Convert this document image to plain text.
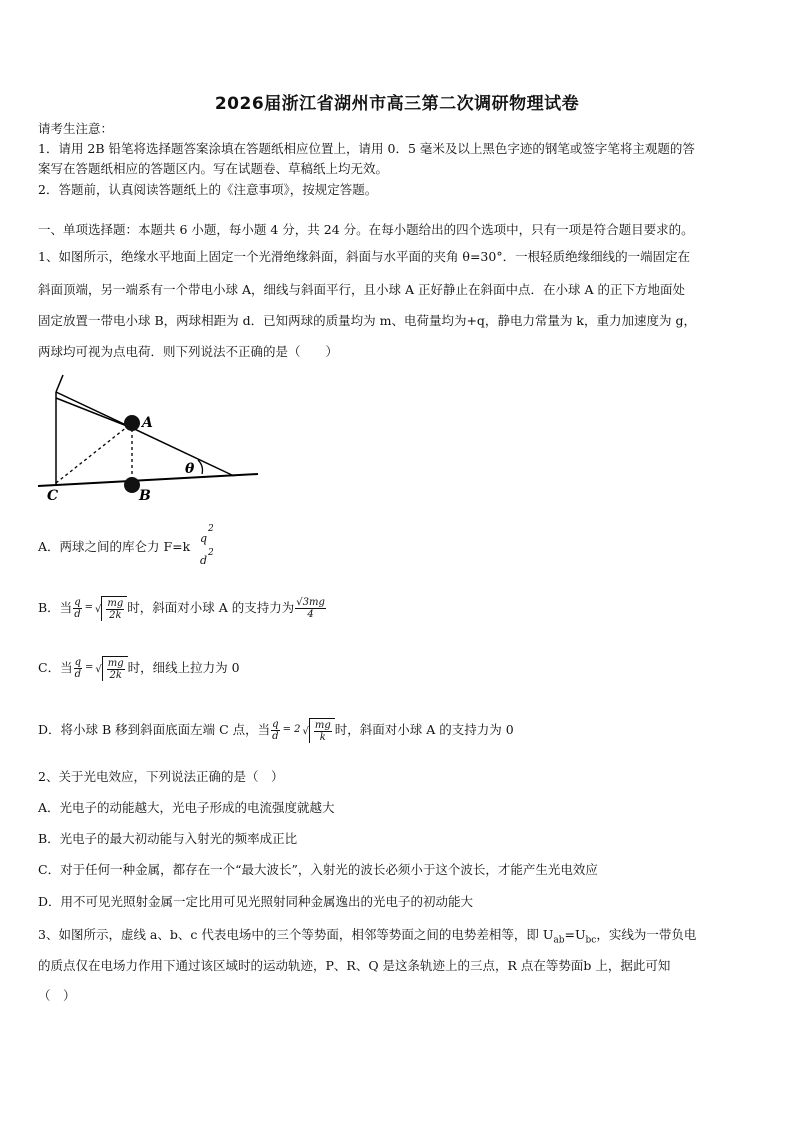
2026届浙江省湖州市高三第二次调研物理试卷
请考生注意：
1．请用 2B 铅笔将选择题答案涂填在答题纸相应位置上，请用 0．5 毫米及以上黑色字迹的钢笔或签字笔将主观题的答
案写在答题纸相应的答题区内。写在试题卷、草稿纸上均无效。
2．答题前，认真阅读答题纸上的《注意事项》，按规定答题。
一、单项选择题：本题共 6 小题，每小题 4 分，共 24 分。在每小题给出的四个选项中，只有一项是符合题目要求的。
1、如图所示，绝缘水平地面上固定一个光滑绝缘斜面，斜面与水平面的夹角 θ=30°．一根轻质绝缘细线的一端固定在
斜面顶端，另一端系有一个带电小球 A，细线与斜面平行，且小球 A 正好静止在斜面中点．在小球 A 的正下方地面处
固定放置一带电小球 B，两球相距为 d．已知两球的质量均为 m、电荷量均为+q，静电力常量为 k，重力加速度为 g，
两球均可视为点电荷．则下列说法不正确的是（　　）
A
B
C
θ
A．两球之间的库仑力 F=k
q
2
d
2
B．当 $\frac{q}{d}$ = √ $\frac{mg}{2k}$ 时，斜面对小球 A 的支持力为 $\frac{√3mg}{4}$
C．当 $\frac{q}{d}$ = √ $\frac{mg}{2k}$ 时，细线上拉力为 0
D．将小球 B 移到斜面底面左端 C 点，当 $\frac{q}{d} = 2$ √ $\frac{mg}{k}$ 时，斜面对小球 A 的支持力为 0
2、关于光电效应，下列说法正确的是（　）
A．光电子的动能越大，光电子形成的电流强度就越大
B．光电子的最大初动能与入射光的频率成正比
C．对于任何一种金属，都存在一个“最大波长”，入射光的波长必须小于这个波长，才能产生光电效应
D．用不可见光照射金属一定比用可见光照射同种金属逸出的光电子的初动能大
3、如图所示，虚线 a、b、c 代表电场中的三个等势面，相邻等势面之间的电势差相等，即 $U_{ab}=U_{bc}$，实线为一带负电
的质点仅在电场力作用下通过该区域时的运动轨迹，P、R、Q 是这条轨迹上的三点，R 点在等势面b 上，据此可知
（　）
